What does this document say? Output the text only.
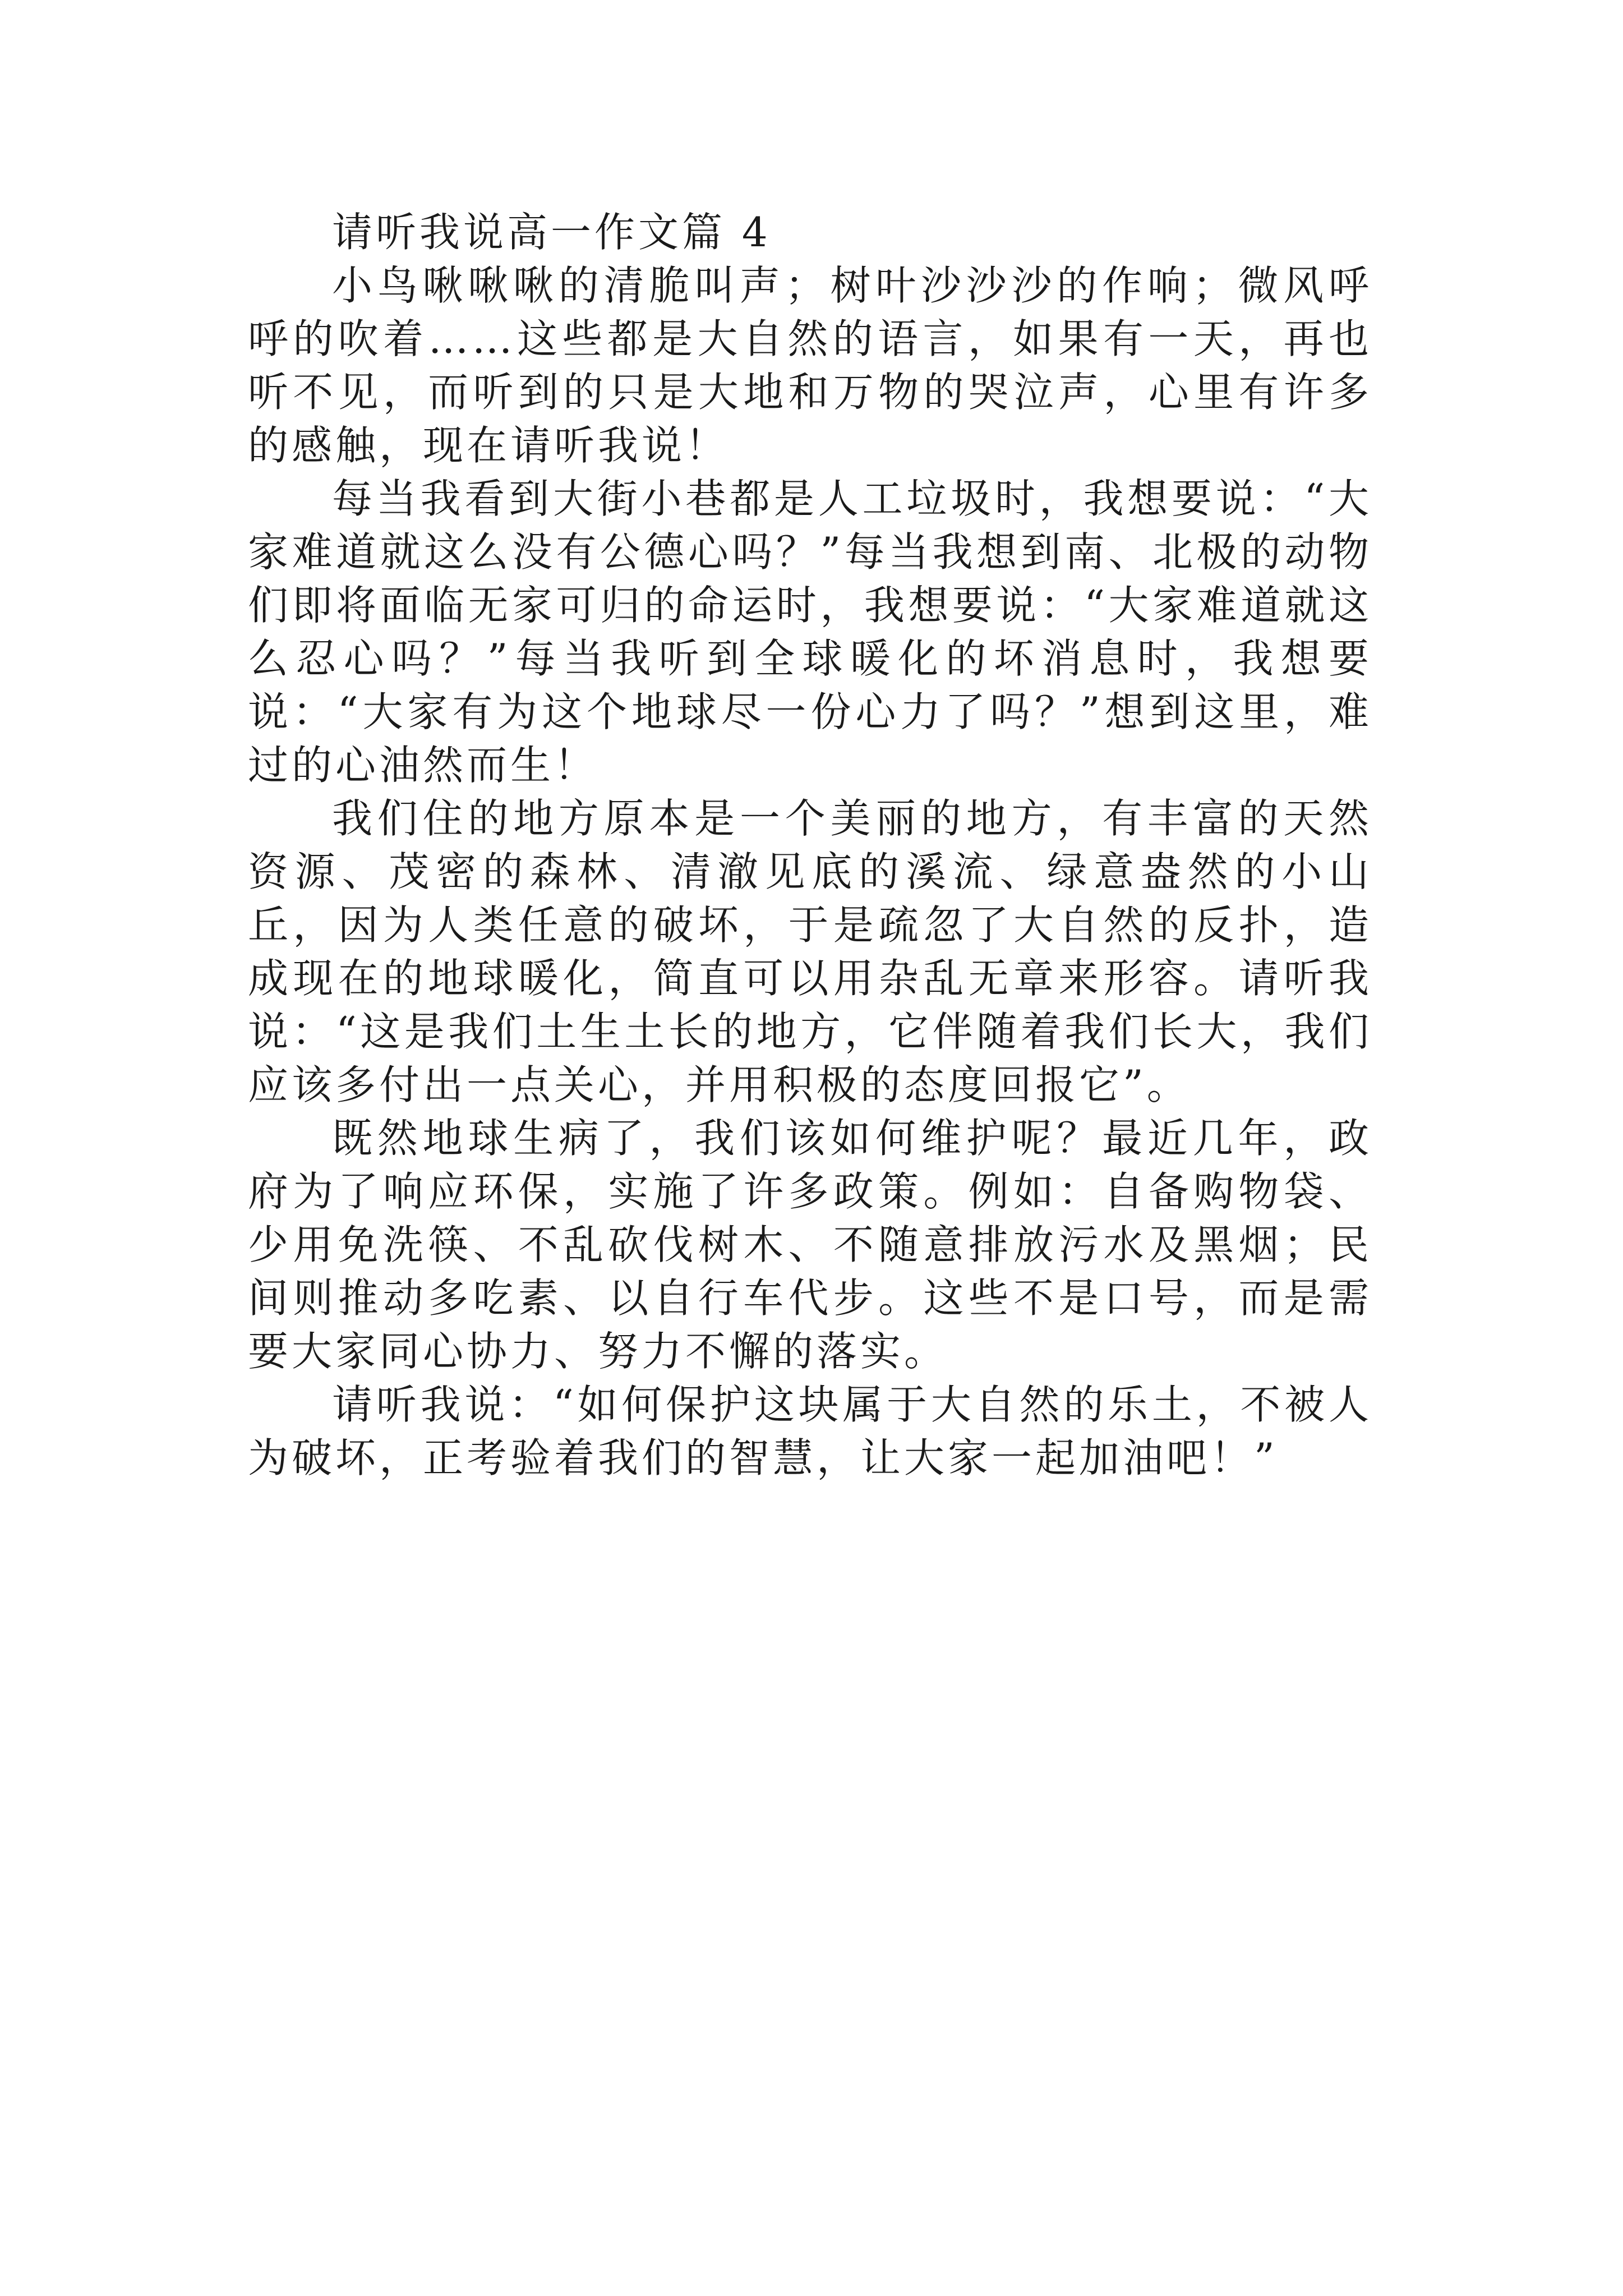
请听我说高一作文篇 4

小鸟啾啾啾的清脆叫声；树叶沙沙沙的作响；微风呼呼的吹着……这些都是大自然的语言，如果有一天，再也听不见，而听到的只是大地和万物的哭泣声，心里有许多的感触，现在请听我说！

每当我看到大街小巷都是人工垃圾时，我想要说：“大家难道就这么没有公德心吗？”每当我想到南、北极的动物们即将面临无家可归的命运时，我想要说：“大家难道就这么忍心吗？”每当我听到全球暖化的坏消息时，我想要说：“大家有为这个地球尽一份心力了吗？”想到这里，难过的心油然而生！

我们住的地方原本是一个美丽的地方，有丰富的天然资源、茂密的森林、清澈见底的溪流、绿意盎然的小山丘，因为人类任意的破坏，于是疏忽了大自然的反扑，造成现在的地球暖化，简直可以用杂乱无章来形容。请听我说：“这是我们土生土长的地方，它伴随着我们长大，我们应该多付出一点关心，并用积极的态度回报它”。

既然地球生病了，我们该如何维护呢？最近几年，政府为了响应环保，实施了许多政策。例如：自备购物袋、少用免洗筷、不乱砍伐树木、不随意排放污水及黑烟；民间则推动多吃素、以自行车代步。这些不是口号，而是需要大家同心协力、努力不懈的落实。

请听我说：“如何保护这块属于大自然的乐土，不被人为破坏，正考验着我们的智慧，让大家一起加油吧！”
